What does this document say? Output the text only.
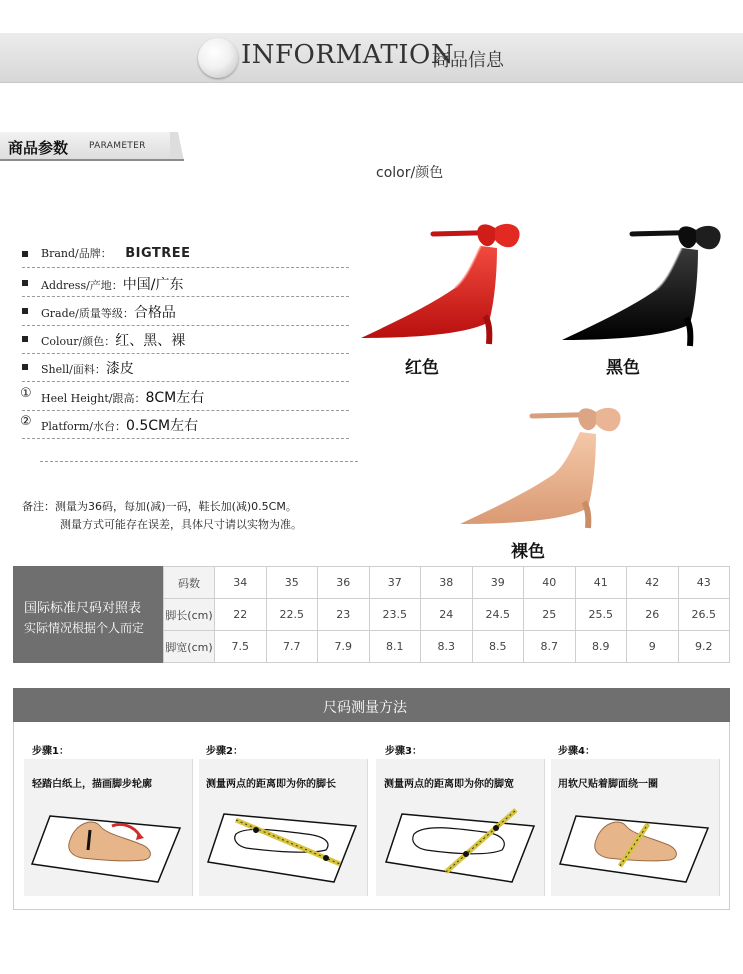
INFORMATION
商品信息
商品参数 PARAMETER
color/颜色
Brand/品牌： BIGTREE
Address/产地：中国/广东
Grade/质量等级：合格品
Colour/颜色：红、黑、裸
Shell/面料：漆皮
① Heel Height/跟高：8CM左右
② Platform/水台：0.5CM左右
备注：测量为36码，每加(减)一码，鞋长加(减)0.5CM。
测量方式可能存在误差，具体尺寸请以实物为准。
红色	黑色
裸色
国际标准尺码对照表
实际情况根据个人而定
码数	34	35	36	37	38	39	40	41	42	43
脚长(cm)	22	22.5	23	23.5	24	24.5	25	25.5	26	26.5
脚宽(cm)	7.5	7.7	7.9	8.1	8.3	8.5	8.7	8.9	9	9.2
尺码测量方法
步骤1：	步骤2：	步骤3：	步骤4：
轻踏白纸上，描画脚步轮廓	测量两点的距离即为你的脚长	测量两点的距离即为你的脚宽	用软尺贴着脚面绕一圈
